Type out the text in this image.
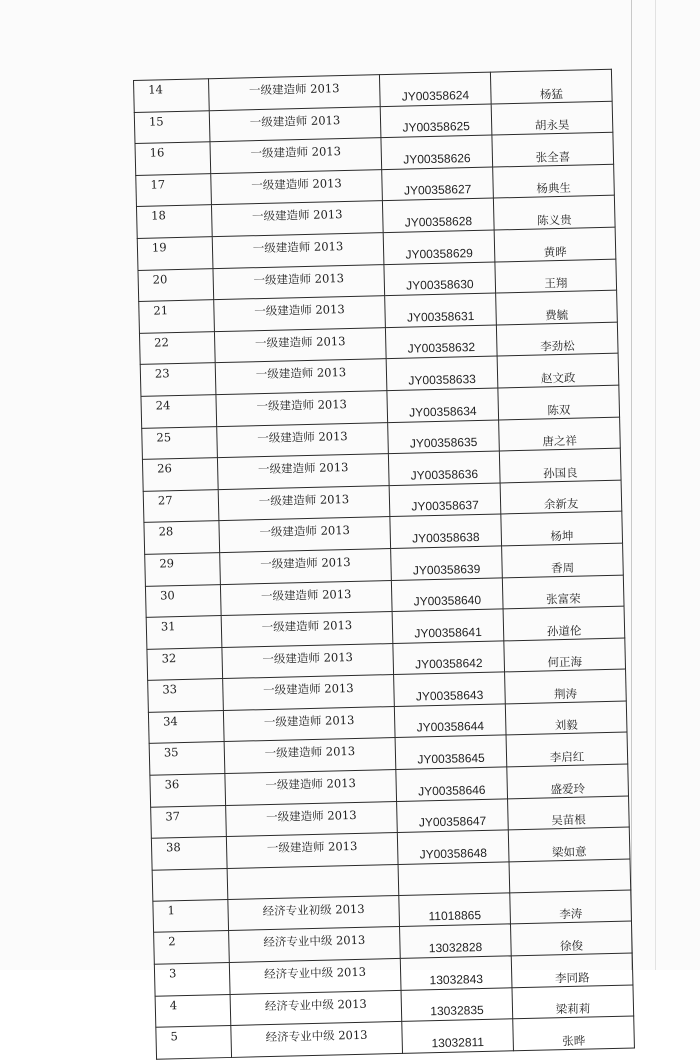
14	一级建造师 2013	JY00358624	杨猛
15	一级建造师 2013	JY00358625	胡永昊
16	一级建造师 2013	JY00358626	张全喜
17	一级建造师 2013	JY00358627	杨典生
18	一级建造师 2013	JY00358628	陈义贵
19	一级建造师 2013	JY00358629	黄晔
20	一级建造师 2013	JY00358630	王翔
21	一级建造师 2013	JY00358631	费毓
22	一级建造师 2013	JY00358632	李劲松
23	一级建造师 2013	JY00358633	赵文政
24	一级建造师 2013	JY00358634	陈双
25	一级建造师 2013	JY00358635	唐之祥
26	一级建造师 2013	JY00358636	孙国良
27	一级建造师 2013	JY00358637	余新友
28	一级建造师 2013	JY00358638	杨坤
29	一级建造师 2013	JY00358639	香周
30	一级建造师 2013	JY00358640	张富荣
31	一级建造师 2013	JY00358641	孙道伦
32	一级建造师 2013	JY00358642	何正海
33	一级建造师 2013	JY00358643	荆涛
34	一级建造师 2013	JY00358644	刘毅
35	一级建造师 2013	JY00358645	李启红
36	一级建造师 2013	JY00358646	盛爱玲
37	一级建造师 2013	JY00358647	吴苗根
38	一级建造师 2013	JY00358648	梁如意

1	经济专业初级 2013	11018865	李涛
2	经济专业中级 2013	13032828	徐俊
3	经济专业中级 2013	13032843	李同路
4	经济专业中级 2013	13032835	梁莉莉
5	经济专业中级 2013	13032811	张晔
